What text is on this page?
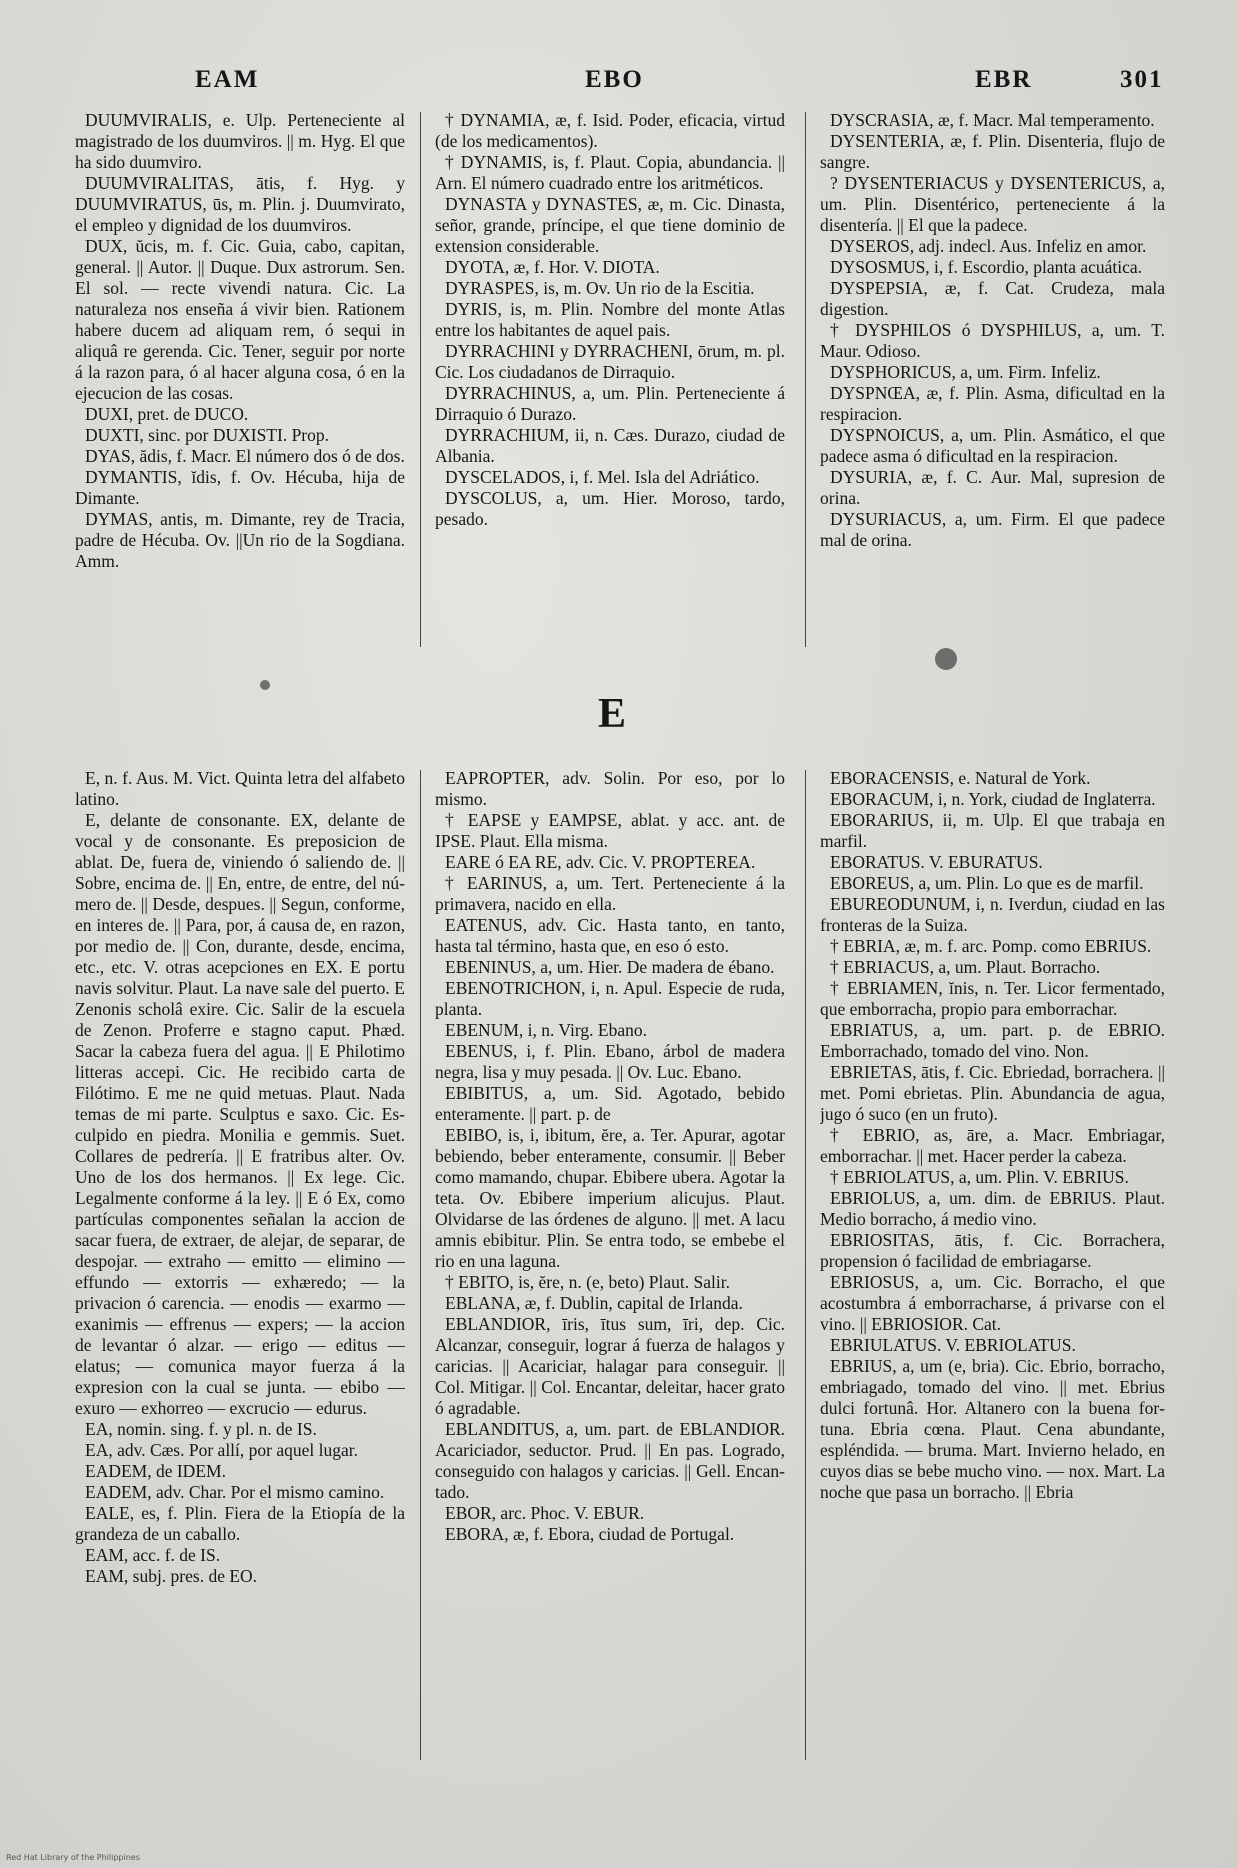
EAM	EBO	EBR	301

DUUMVIRALIS, e. Ulp. Perteneciente al magistrado de los duumviros. || m. Hyg. El que ha sido duumviro.

DUUMVIRALITAS, ātis, f. Hyg. y DUUMVIRATUS, ūs, m. Plin. j. Duumvirato, el empleo y dignidad de los duumviros.

DUX, ŭcis, m. f. Cic. Guia, cabo, capitan, general. || Autor. || Duque. Dux astrorum. Sen. El sol. — recte vivendi natura. Cic. La naturaleza nos enseña á vivir bien. Rationem habere ducem ad aliquam rem, ó sequi in aliquâ re gerenda. Cic. Tener, seguir por norte á la razon para, ó al hacer alguna cosa, ó en la ejecucion de las cosas.

DUXI, pret. de DUCO.

DUXTI, sinc. por DUXISTI. Prop.

DYAS, ădis, f. Macr. El número dos ó de dos.

DYMANTIS, ĭdis, f. Ov. Hécuba, hija de Dimante.

DYMAS, antis, m. Dimante, rey de Tracia, padre de Hécuba. Ov. ||Un rio de la Sogdiana. Amm.

† DYNAMIA, æ, f. Isid. Poder, eficacia, virtud (de los medicamentos).

† DYNAMIS, is, f. Plaut. Copia, abundancia. || Arn. El número cuadrado entre los aritméticos.

DYNASTA y DYNASTES, æ, m. Cic. Dinasta, señor, grande, príncipe, el que tiene dominio de extension considerable.

DYOTA, æ, f. Hor. V. DIOTA.

DYRASPES, is, m. Ov. Un rio de la Escitia.

DYRIS, is, m. Plin. Nombre del monte Atlas entre los habitantes de aquel pais.

DYRRACHINI y DYRRACHENI, ōrum, m. pl. Cic. Los ciudadanos de Dirraquio.

DYRRACHINUS, a, um. Plin. Perteneciente á Dirraquio ó Durazo.

DYRRACHIUM, ii, n. Cæs. Durazo, ciudad de Albania.

DYSCELADOS, i, f. Mel. Isla del Adriático.

DYSCOLUS, a, um. Hier. Moroso, tardo, pesado.

DYSCRASIA, æ, f. Macr. Mal temperamento.

DYSENTERIA, æ, f. Plin. Disenteria, flujo de sangre.

? DYSENTERIACUS y DYSENTERICUS, a, um. Plin. Disentérico, perteneciente á la disentería. || El que la padece.

DYSEROS, adj. indecl. Aus. Infeliz en amor.

DYSOSMUS, i, f. Escordio, planta acuática.

DYSPEPSIA, æ, f. Cat. Crudeza, mala digestion.

† DYSPHILOS ó DYSPHILUS, a, um. T. Maur. Odioso.

DYSPHORICUS, a, um. Firm. Infeliz.

DYSPNŒA, æ, f. Plin. Asma, dificultad en la respiracion.

DYSPNOICUS, a, um. Plin. Asmático, el que padece asma ó dificultad en la respiracion.

DYSURIA, æ, f. C. Aur. Mal, supresion de orina.

DYSURIACUS, a, um. Firm. El que padece mal de orina.

E

E, n. f. Aus. M. Vict. Quinta letra del alfabeto latino.

E, delante de consonante. EX, delante de vocal y de consonante. Es preposicion de ablat. De, fuera de, viniendo ó saliendo de. || Sobre, encima de. || En, entre, de entre, del número de. || Desde, despues. || Segun, conforme, en interes de. || Para, por, á causa de, en razon, por medio de. || Con, durante, desde, encima, etc., etc. V. otras acepciones en EX. E portu navis solvitur. Plaut. La nave sale del puerto. E Zenonis scholâ exire. Cic. Salir de la escuela de Zenon. Proferre e stagno caput. Phæd. Sacar la cabeza fuera del agua. || E Philotimo litteras accepi. Cic. He recibido carta de Filótimo. E me ne quid metuas. Plaut. Nada temas de mi parte. Sculptus e saxo. Cic. Esculpido en piedra. Monilia e gemmis. Suet. Collares de pedrería. || E fratribus alter. Ov. Uno de los dos hermanos. || Ex lege. Cic. Legalmente conforme á la ley. || E ó Ex, como partículas componentes señalan la accion de sacar fuera, de extraer, de alejar, de separar, de despojar. — extraho — emitto — elimino — effundo — extorris — exhæredo; — la privacion ó carencia. — enodis — exarmo — exanimis — effrenus — expers; — la accion de levantar ó alzar. — erigo — editus — elatus; — comunica mayor fuerza á la expresion con la cual se junta. — ebibo — exuro — exhorreo — excrucio — edurus.

EA, nomin. sing. f. y pl. n. de IS.

EA, adv. Cæs. Por allí, por aquel lugar.

EADEM, de IDEM.

EADEM, adv. Char. Por el mismo camino.

EALE, es, f. Plin. Fiera de la Etiopía de la grandeza de un caballo.

EAM, acc. f. de IS.

EAM, subj. pres. de EO.

EAPROPTER, adv. Solin. Por eso, por lo mismo.

† EAPSE y EAMPSE, ablat. y acc. ant. de IPSE. Plaut. Ella misma.

EARE ó EA RE, adv. Cic. V. PROPTEREA.

† EARINUS, a, um. Tert. Perteneciente á la primavera, nacido en ella.

EATENUS, adv. Cic. Hasta tanto, en tanto, hasta tal término, hasta que, en eso ó esto.

EBENINUS, a, um. Hier. De madera de ébano.

EBENOTRICHON, i, n. Apul. Especie de ruda, planta.

EBENUM, i, n. Virg. Ebano.

EBENUS, i, f. Plin. Ebano, árbol de madera negra, lisa y muy pesada. || Ov. Luc. Ebano.

EBIBITUS, a, um. Sid. Agotado, bebido enteramente. || part. p. de

EBIBO, is, i, ibitum, ĕre, a. Ter. Apurar, agotar bebiendo, beber enteramente, consumir. || Beber como mamando, chupar. Ebibere ubera. Agotar la teta. Ov. Ebibere imperium alicujus. Plaut. Olvidarse de las órdenes de alguno. || met. A lacu amnis ebibitur. Plin. Se entra todo, se embebe el rio en una laguna.

† EBITO, is, ĕre, n. (e, beto) Plaut. Salir.

EBLANA, æ, f. Dublin, capital de Irlanda.

EBLANDIOR, īris, ītus sum, īri, dep. Cic. Alcanzar, conseguir, lograr á fuerza de halagos y caricias. || Acariciar, halagar para conseguir. || Col. Mitigar. || Col. Encantar, deleitar, hacer grato ó agradable.

EBLANDITUS, a, um. part. de EBLANDIOR. Acariciador, seductor. Prud. || En pas. Logrado, conseguido con halagos y caricias. || Gell. Encantado.

EBOR, arc. Phoc. V. EBUR.

EBORA, æ, f. Ebora, ciudad de Portugal.

EBORACENSIS, e. Natural de York.

EBORACUM, i, n. York, ciudad de Inglaterra.

EBORARIUS, ii, m. Ulp. El que trabaja en marfil.

EBORATUS. V. EBURATUS.

EBOREUS, a, um. Plin. Lo que es de marfil.

EBUREODUNUM, i, n. Iverdun, ciudad en las fronteras de la Suiza.

† EBRIA, æ, m. f. arc. Pomp. como EBRIUS.

† EBRIACUS, a, um. Plaut. Borracho.

† EBRIAMEN, ĭnis, n. Ter. Licor fermentado, que emborracha, propio para emborrachar.

EBRIATUS, a, um. part. p. de EBRIO. Emborrachado, tomado del vino. Non.

EBRIETAS, ātis, f. Cic. Ebriedad, borrachera. || met. Pomi ebrietas. Plin. Abundancia de agua, jugo ó suco (en un fruto).

† EBRIO, as, āre, a. Macr. Embriagar, emborrachar. || met. Hacer perder la cabeza.

† EBRIOLATUS, a, um. Plin. V. EBRIUS.

EBRIOLUS, a, um. dim. de EBRIUS. Plaut. Medio borracho, á medio vino.

EBRIOSITAS, ātis, f. Cic. Borrachera, propension ó facilidad de embriagarse.

EBRIOSUS, a, um. Cic. Borracho, el que acostumbra á emborracharse, á privarse con el vino. || EBRIOSIOR. Cat.

EBRIULATUS. V. EBRIOLATUS.

EBRIUS, a, um (e, bria). Cic. Ebrio, borracho, embriagado, tomado del vino. || met. Ebrius dulci fortunâ. Hor. Altanero con la buena fortuna. Ebria cœna. Plaut. Cena abundante, espléndida. — bruma. Mart. Invierno helado, en cuyos dias se bebe mucho vino. — nox. Mart. La noche que pasa un borracho. || Ebria

Red Hat Library of the Philippines
